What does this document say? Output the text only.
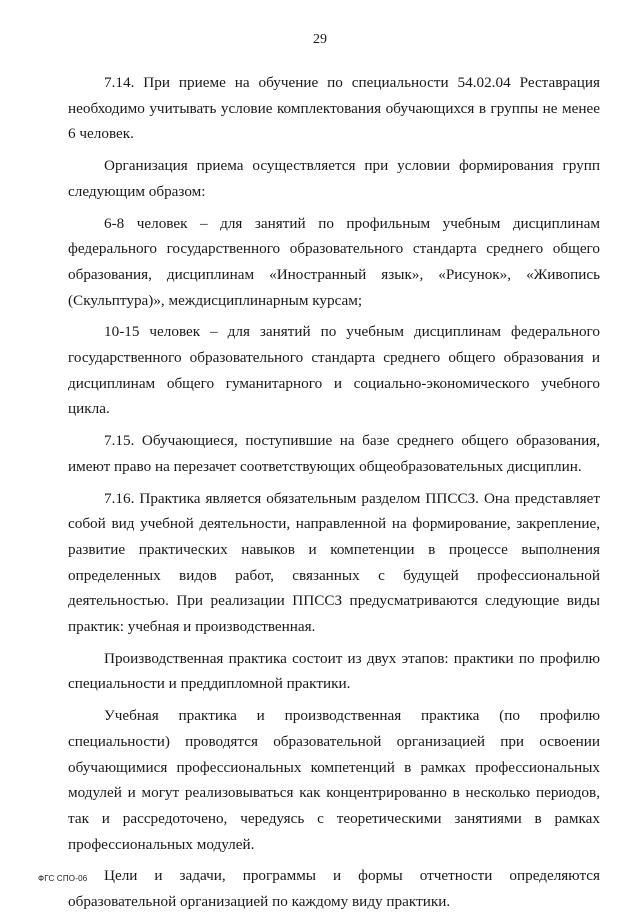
29

7.14. При приеме на обучение по специальности 54.02.04 Реставрация необходимо учитывать условие комплектования обучающихся в группы не менее 6 человек.

Организация приема осуществляется при условии формирования групп следующим образом:

6-8 человек – для занятий по профильным учебным дисциплинам федерального государственного образовательного стандарта среднего общего образования, дисциплинам «Иностранный язык», «Рисунок», «Живопись (Скульптура)», междисциплинарным курсам;

10-15 человек – для занятий по учебным дисциплинам федерального государственного образовательного стандарта среднего общего образования и дисциплинам общего гуманитарного и социально-экономического учебного цикла.

7.15. Обучающиеся, поступившие на базе среднего общего образования, имеют право на перезачет соответствующих общеобразовательных дисциплин.

7.16. Практика является обязательным разделом ППССЗ. Она представляет собой вид учебной деятельности, направленной на формирование, закрепление, развитие практических навыков и компетенции в процессе выполнения определенных видов работ, связанных с будущей профессиональной деятельностью. При реализации ППССЗ предусматриваются следующие виды практик: учебная и производственная.

Производственная практика состоит из двух этапов: практики по профилю специальности и преддипломной практики.

Учебная практика и производственная практика (по профилю специальности) проводятся образовательной организацией при освоении обучающимися профессиональных компетенций в рамках профессиональных модулей и могут реализовываться как концентрированно в несколько периодов, так и рассредоточено, чередуясь с теоретическими занятиями в рамках профессиональных модулей.

Цели и задачи, программы и формы отчетности определяются образовательной организацией по каждому виду практики.

ФГС СПО-06
